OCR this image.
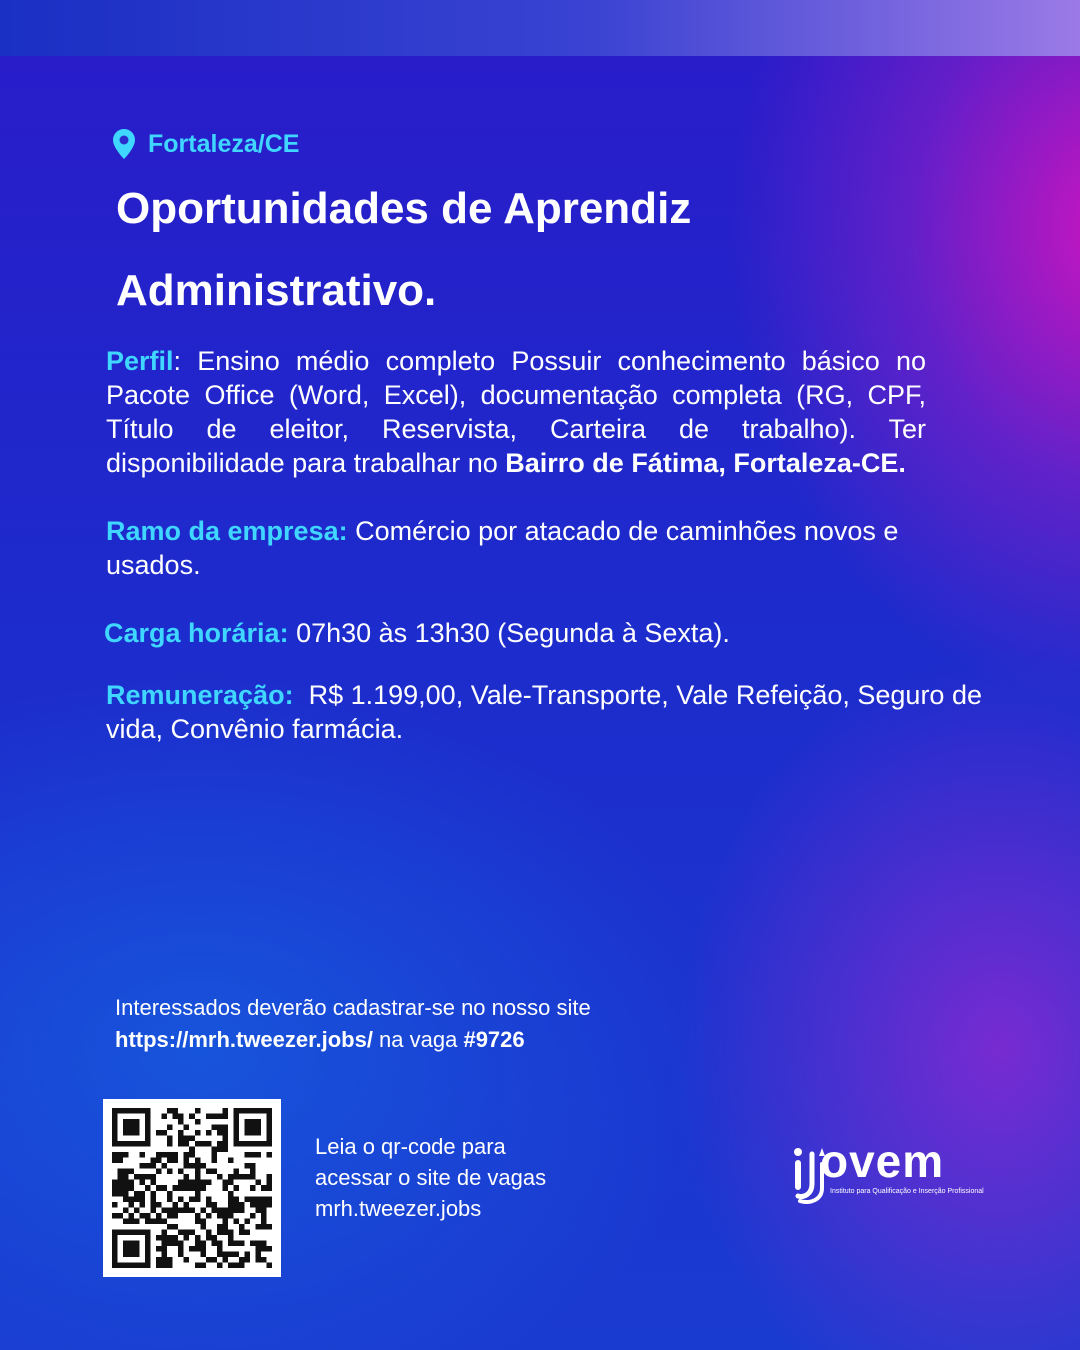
Fortaleza/CE
Oportunidades de Aprendiz Administrativo.

Perfil: Ensino médio completo Possuir conhecimento básico no Pacote Office (Word, Excel), documentação completa (RG, CPF, Título de eleitor, Reservista, Carteira de trabalho). Ter disponibilidade para trabalhar no Bairro de Fátima, Fortaleza-CE.

Ramo da empresa: Comércio por atacado de caminhões novos e usados.

Carga horária: 07h30 às 13h30 (Segunda à Sexta).

Remuneração:  R$ 1.199,00, Vale-Transporte, Vale Refeição, Seguro de vida, Convênio farmácia.

Interessados deverão cadastrar-se no nosso site
https://mrh.tweezer.jobs/ na vaga #9726
Leia o qr-code para
acessar o site de vagas
mrh.tweezer.jobs
ovem
Instituto para Qualificação e Inserção Profissional
